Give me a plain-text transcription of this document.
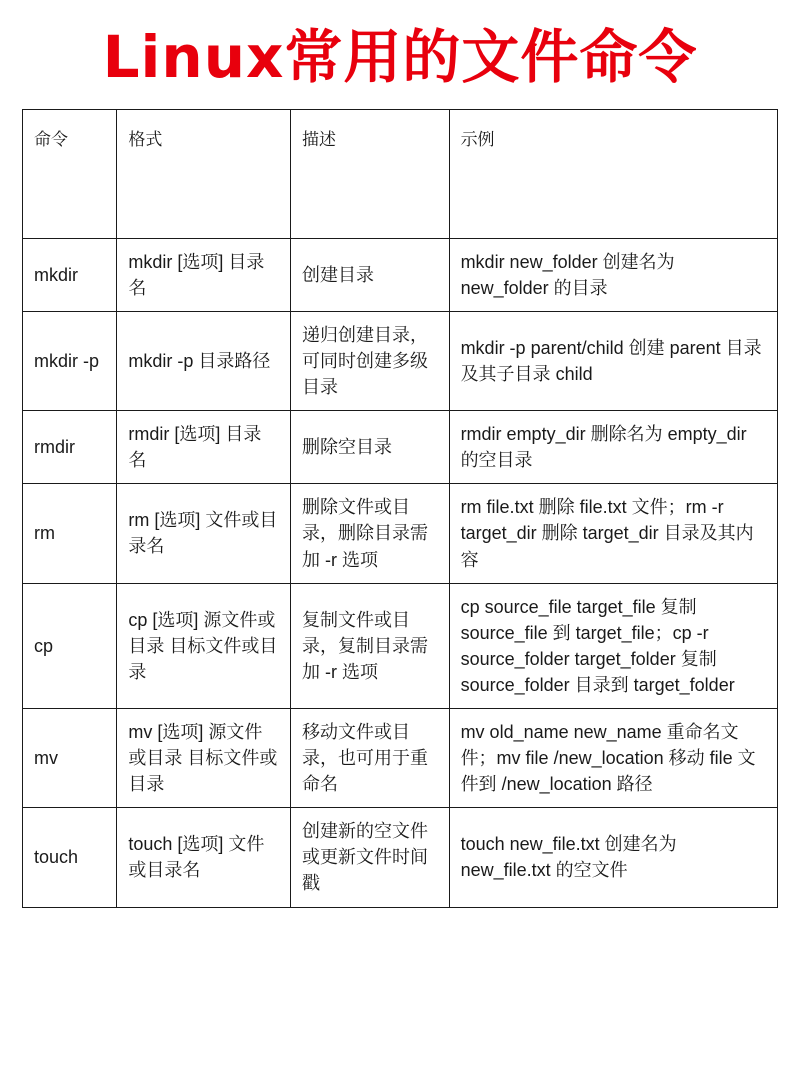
Linux常用的文件命令
命令	格式	描述	示例
mkdir	mkdir [选项] 目录名	创建目录	mkdir new_folder 创建名为 new_folder 的目录
mkdir -p	mkdir -p 目录路径	递归创建目录，可同时创建多级目录	mkdir -p parent/child 创建 parent 目录及其子目录 child
rmdir	rmdir [选项] 目录名	删除空目录	rmdir empty_dir 删除名为 empty_dir 的空目录
rm	rm [选项] 文件或目录名	删除文件或目录，删除目录需加 -r 选项	rm file.txt 删除 file.txt 文件；rm -r target_dir 删除 target_dir 目录及其内容
cp	cp [选项] 源文件或目录 目标文件或目录	复制文件或目录，复制目录需加 -r 选项	cp source_file target_file 复制 source_file 到 target_file；cp -r source_folder target_folder 复制 source_folder 目录到 target_folder
mv	mv [选项] 源文件或目录 目标文件或目录	移动文件或目录，也可用于重命名	mv old_name new_name 重命名文件；mv file /new_location 移动 file 文件到 /new_location 路径
touch	touch [选项] 文件或目录名	创建新的空文件或更新文件时间戳	touch new_file.txt 创建名为 new_file.txt 的空文件
